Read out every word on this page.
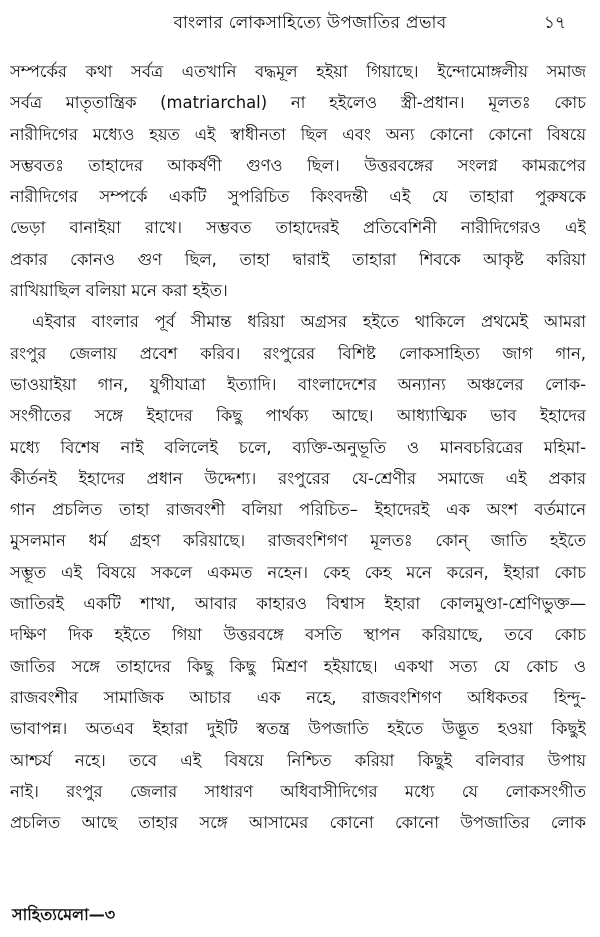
বাংলার লোকসাহিত্যে উপজাতির প্রভাব	১৭
সম্পর্কের কথা সর্বত্র এতখানি বদ্ধমূল হইয়া গিয়াছে। ইন্দোমোঙ্গলীয় সমাজ
সর্বত্র মাতৃতান্ত্রিক (matriarchal) না হইলেও স্ত্রী-প্রধান। মূলতঃ কোচ
নারীদিগের মধ্যেও হয়ত এই স্বাধীনতা ছিল এবং অন্য কোনো কোনো বিষয়ে
সম্ভবতঃ তাহাদের আকর্ষণী গুণও ছিল। উত্তরবঙ্গের সংলগ্ন কামরূপের
নারীদিগের সম্পর্কে একটি সুপরিচিত কিংবদন্তী এই যে তাহারা পুরুষকে
ভেড়া বানাইয়া রাখে। সম্ভবত তাহাদেরই প্রতিবেশিনী নারীদিগেরও এই
প্রকার কোনও গুণ ছিল, তাহা দ্বারাই তাহারা শিবকে আকৃষ্ট করিয়া
রাখিয়াছিল বলিয়া মনে করা হইত।
এইবার বাংলার পূর্ব সীমান্ত ধরিয়া অগ্রসর হইতে থাকিলে প্রথমেই আমরা
রংপুর জেলায় প্রবেশ করিব। রংপুরের বিশিষ্ট লোকসাহিত্য জাগ গান,
ভাওয়াইয়া গান, যুগীযাত্রা ইত্যাদি। বাংলাদেশের অন্যান্য অঞ্চলের লোক-
সংগীতের সঙ্গে ইহাদের কিছু পার্থক্য আছে। আধ্যাত্মিক ভাব ইহাদের
মধ্যে বিশেষ নাই বলিলেই চলে, ব্যক্তি-অনুভূতি ও মানবচরিত্রের মহিমা-
কীর্তনই ইহাদের প্রধান উদ্দেশ্য। রংপুরের যে-শ্রেণীর সমাজে এই প্রকার
গান প্রচলিত তাহা রাজবংশী বলিয়া পরিচিত– ইহাদেরই এক অংশ বর্তমানে
মুসলমান ধর্ম গ্রহণ করিয়াছে। রাজবংশিগণ মূলতঃ কোন্ জাতি হইতে
সম্ভূত এই বিষয়ে সকলে একমত নহেন। কেহ কেহ মনে করেন, ইহারা কোচ
জাতিরই একটি শাখা, আবার কাহারও বিশ্বাস ইহারা কোলমুণ্ডা-শ্রেণিভুক্ত—
দক্ষিণ দিক হইতে গিয়া উত্তরবঙ্গে বসতি স্থাপন করিয়াছে, তবে কোচ
জাতির সঙ্গে তাহাদের কিছু কিছু মিশ্রণ হইয়াছে। একথা সত্য যে কোচ ও
রাজবংশীর সামাজিক আচার এক নহে, রাজবংশিগণ অধিকতর হিন্দু-
ভাবাপন্ন। অতএব ইহারা দুইটি স্বতন্ত্র উপজাতি হইতে উদ্ভূত হওয়া কিছুই
আশ্চর্য নহে। তবে এই বিষয়ে নিশ্চিত করিয়া কিছুই বলিবার উপায়
নাই। রংপুর জেলার সাধারণ অধিবাসীদিগের মধ্যে যে লোকসংগীত
প্রচলিত আছে তাহার সঙ্গে আসামের কোনো কোনো উপজাতির লোক
সাহিত্যমেলা—৩
